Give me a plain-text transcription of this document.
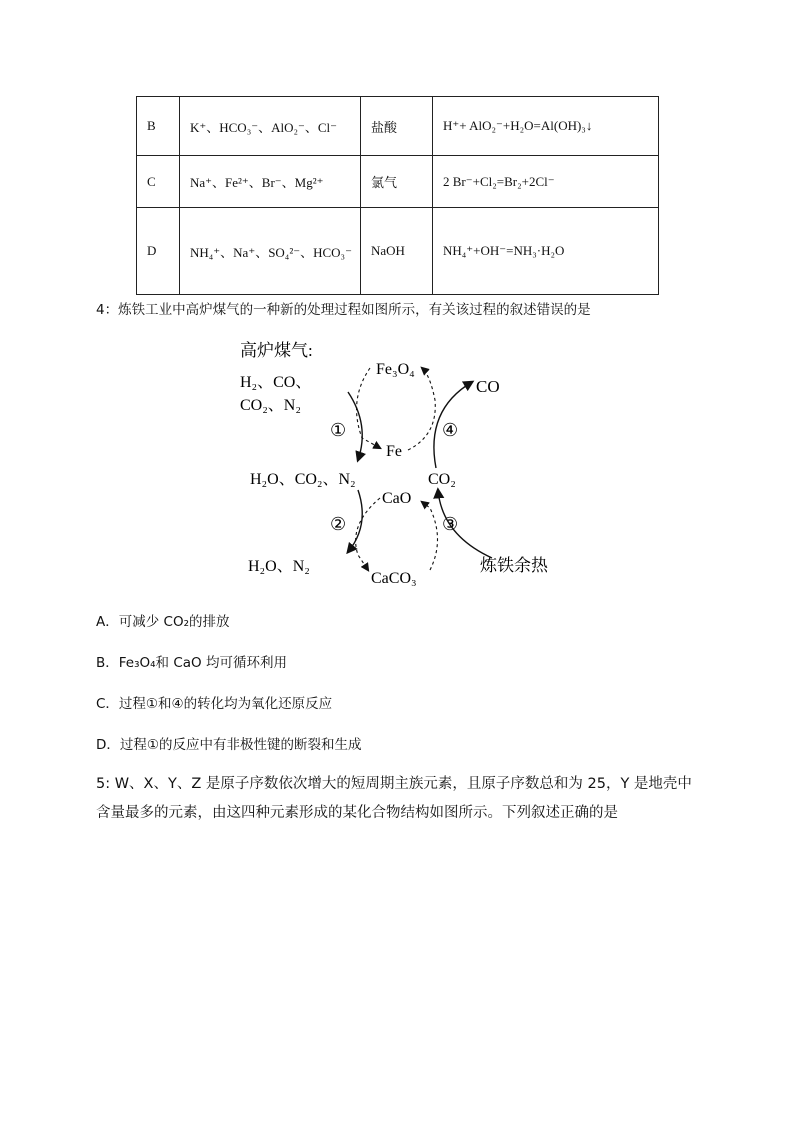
B	K⁺、HCO₃⁻、AlO₂⁻、Cl⁻	盐酸	H⁺+ AlO₂⁻+H₂O=Al(OH)₃↓
C	Na⁺、Fe²⁺、Br⁻、Mg²⁺	氯气	2 Br⁻+Cl₂=Br₂+2Cl⁻
D	NH₄⁺、Na⁺、SO₄²⁻、HCO₃⁻	NaOH	NH₄⁺+OH⁻=NH₃·H₂O
4：炼铁工业中高炉煤气的一种新的处理过程如图所示，有关该过程的叙述错误的是
高炉煤气:
H₂、CO、
CO₂、N₂
Fe₃O₄
CO
Fe
H₂O、CO₂、N₂	CO₂
CaO
H₂O、N₂
CaCO₃
炼铁余热
①
②	③
④
A．可减少 CO₂的排放
B．Fe₃O₄和 CaO 均可循环利用
C．过程①和④的转化均为氧化还原反应
D．过程①的反应中有非极性键的断裂和生成
5: W、X、Y、Z 是原子序数依次增大的短周期主族元素，且原子序数总和为 25，Y 是地壳中含量最多的元素，由这四种元素形成的某化合物结构如图所示。下列叙述正确的是
